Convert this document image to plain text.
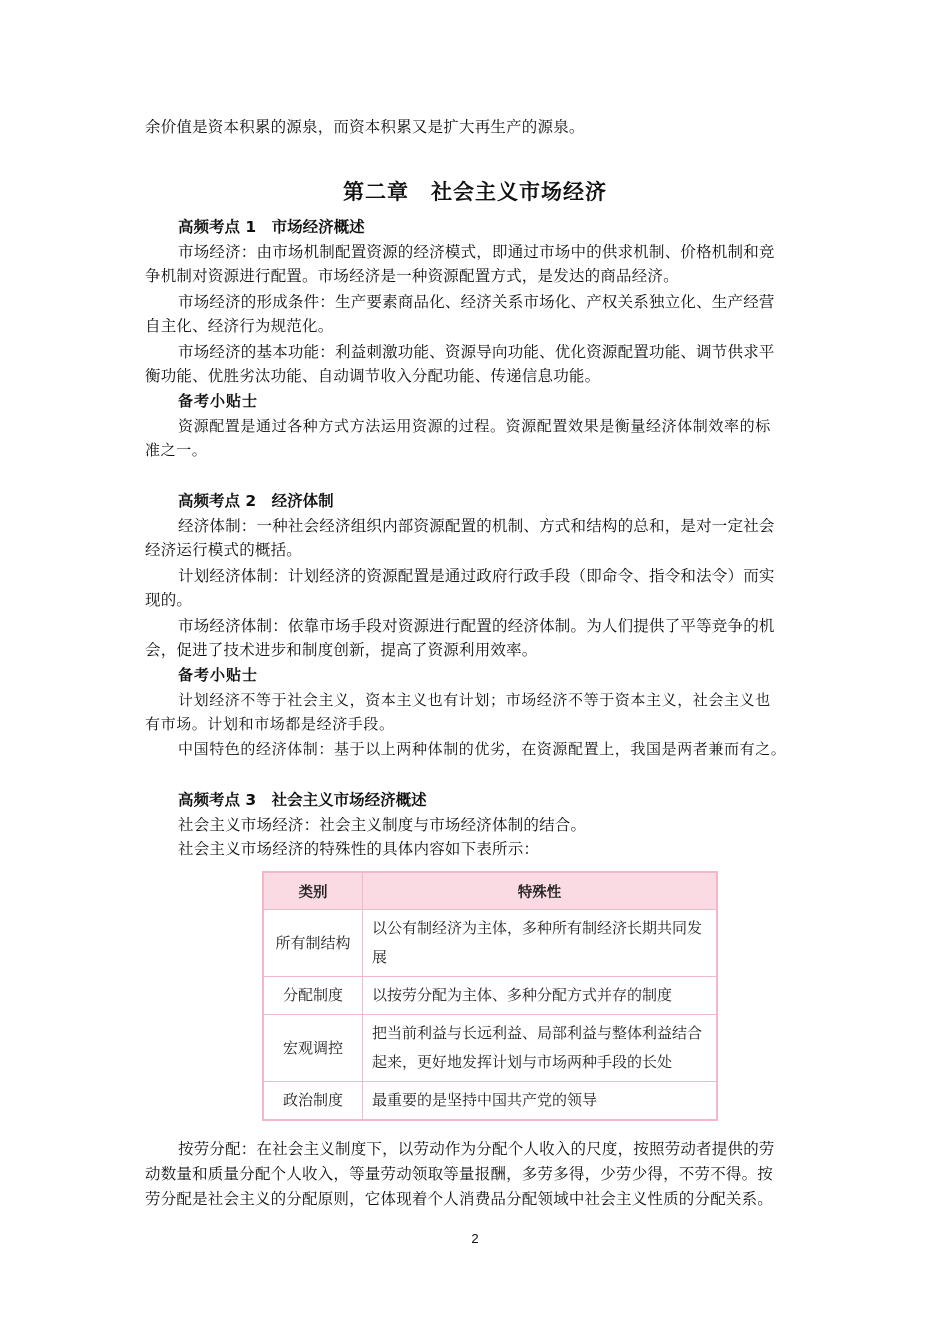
余价值是资本积累的源泉，而资本积累又是扩大再生产的源泉。
第二章　社会主义市场经济
高频考点 1　市场经济概述
市场经济：由市场机制配置资源的经济模式，即通过市场中的供求机制、价格机制和竞
争机制对资源进行配置。市场经济是一种资源配置方式，是发达的商品经济。
市场经济的形成条件：生产要素商品化、经济关系市场化、产权关系独立化、生产经营
自主化、经济行为规范化。
市场经济的基本功能：利益刺激功能、资源导向功能、优化资源配置功能、调节供求平
衡功能、优胜劣汰功能、自动调节收入分配功能、传递信息功能。
备考小贴士
资源配置是通过各种方式方法运用资源的过程。资源配置效果是衡量经济体制效率的标
准之一。
高频考点 2　经济体制
经济体制：一种社会经济组织内部资源配置的机制、方式和结构的总和，是对一定社会
经济运行模式的概括。
计划经济体制：计划经济的资源配置是通过政府行政手段（即命令、指令和法令）而实
现的。
市场经济体制：依靠市场手段对资源进行配置的经济体制。为人们提供了平等竞争的机
会，促进了技术进步和制度创新，提高了资源利用效率。
备考小贴士
计划经济不等于社会主义，资本主义也有计划；市场经济不等于资本主义，社会主义也
有市场。计划和市场都是经济手段。
中国特色的经济体制：基于以上两种体制的优劣，在资源配置上，我国是两者兼而有之。
高频考点 3　社会主义市场经济概述
社会主义市场经济：社会主义制度与市场经济体制的结合。
社会主义市场经济的特殊性的具体内容如下表所示：
类别	特殊性
所有制结构	以公有制经济为主体，多种所有制经济长期共同发展
分配制度	以按劳分配为主体、多种分配方式并存的制度
宏观调控	把当前利益与长远利益、局部利益与整体利益结合起来，更好地发挥计划与市场两种手段的长处
政治制度	最重要的是坚持中国共产党的领导
按劳分配：在社会主义制度下，以劳动作为分配个人收入的尺度，按照劳动者提供的劳
动数量和质量分配个人收入，等量劳动领取等量报酬，多劳多得，少劳少得，不劳不得。按
劳分配是社会主义的分配原则，它体现着个人消费品分配领域中社会主义性质的分配关系。
2
